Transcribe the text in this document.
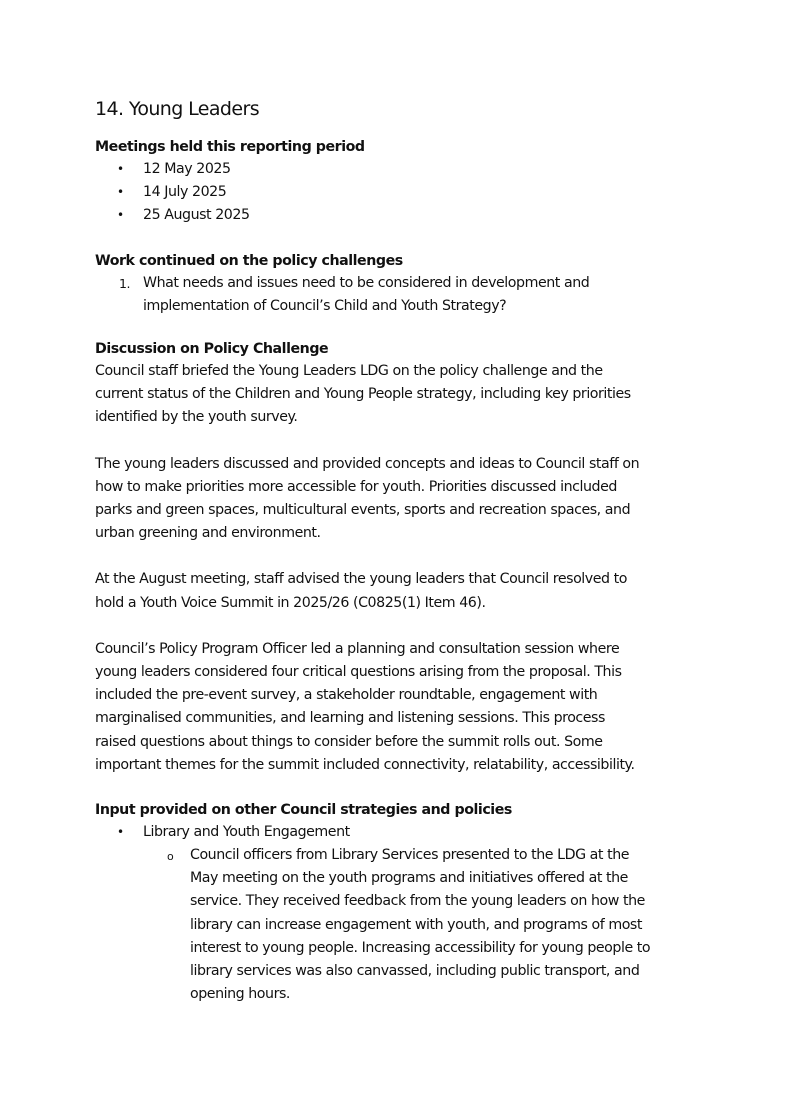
14. Young Leaders
Meetings held this reporting period
• 12 May 2025
• 14 July 2025
• 25 August 2025
Work continued on the policy challenges
1. What needs and issues need to be considered in development and
implementation of Council’s Child and Youth Strategy?
Discussion on Policy Challenge

Council staff briefed the Young Leaders LDG on the policy challenge and the
current status of the Children and Young People strategy, including key priorities
identified by the youth survey.

The young leaders discussed and provided concepts and ideas to Council staff on
how to make priorities more accessible for youth. Priorities discussed included
parks and green spaces, multicultural events, sports and recreation spaces, and
urban greening and environment.

At the August meeting, staff advised the young leaders that Council resolved to
hold a Youth Voice Summit in 2025/26 (C0825(1) Item 46).

Council’s Policy Program Officer led a planning and consultation session where
young leaders considered four critical questions arising from the proposal. This
included the pre-event survey, a stakeholder roundtable, engagement with
marginalised communities, and learning and listening sessions. This process
raised questions about things to consider before the summit rolls out. Some
important themes for the summit included connectivity, relatability, accessibility.

Input provided on other Council strategies and policies
• Library and Youth Engagement
o Council officers from Library Services presented to the LDG at the
May meeting on the youth programs and initiatives offered at the
service. They received feedback from the young leaders on how the
library can increase engagement with youth, and programs of most
interest to young people. Increasing accessibility for young people to
library services was also canvassed, including public transport, and
opening hours.
